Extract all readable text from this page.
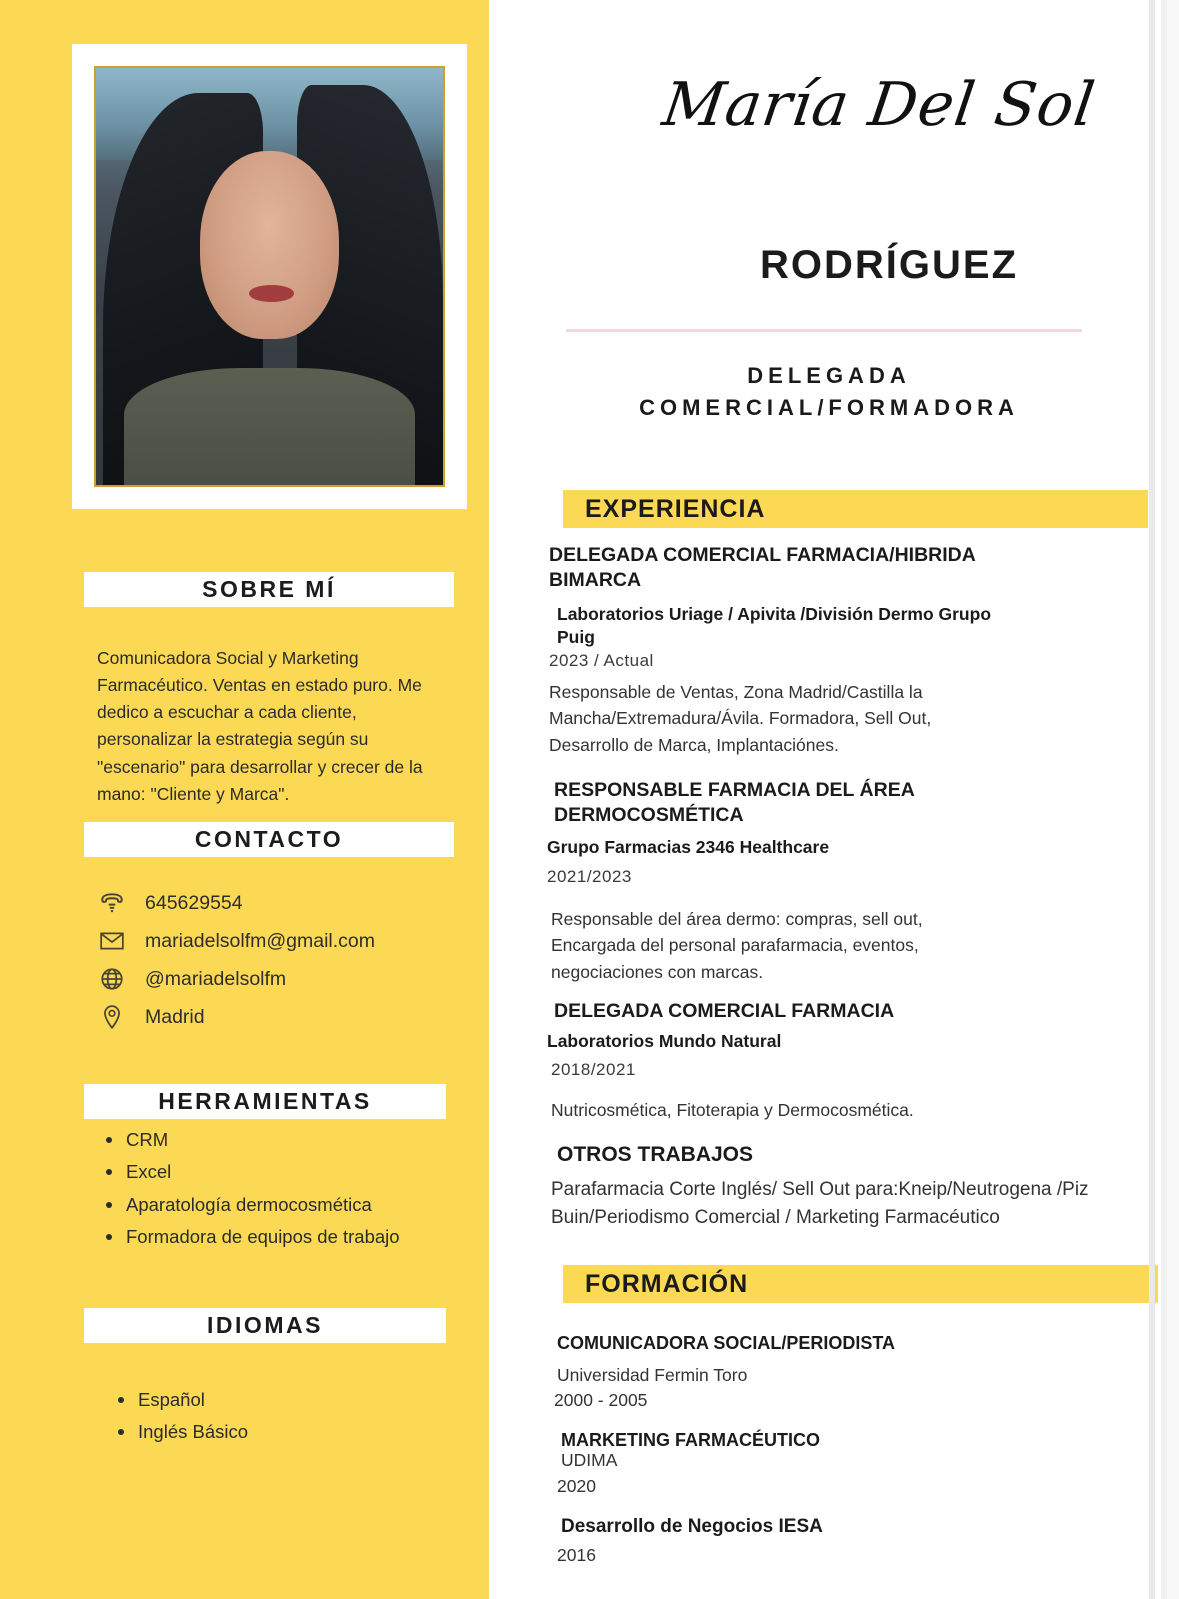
SOBRE MÍ
Comunicadora Social y Marketing Farmacéutico. Ventas en estado puro. Me dedico a escuchar a cada cliente, personalizar la estrategia según su "escenario" para desarrollar y crecer de la mano: "Cliente y Marca".
CONTACTO
645629554
mariadelsolfm@gmail.com
@mariadelsolfm
Madrid
HERRAMIENTAS
CRM
Excel
Aparatología dermocosmética
Formadora de equipos de trabajo
IDIOMAS
Español
Inglés Básico
María Del Sol
RODRÍGUEZ
DELEGADA
COMERCIAL/FORMADORA
EXPERIENCIA
DELEGADA COMERCIAL FARMACIA/HIBRIDA BIMARCA
Laboratorios Uriage / Apivita /División Dermo Grupo Puig
2023 / Actual
Responsable de Ventas, Zona Madrid/Castilla la Mancha/Extremadura/Ávila. Formadora, Sell Out, Desarrollo de Marca, Implantaciónes.
RESPONSABLE FARMACIA DEL ÁREA DERMOCOSMÉTICA
Grupo Farmacias 2346 Healthcare
2021/2023
Responsable del área dermo: compras, sell out, Encargada del personal parafarmacia, eventos, negociaciones con marcas.
DELEGADA COMERCIAL FARMACIA
Laboratorios Mundo Natural
2018/2021
Nutricosmética, Fitoterapia y Dermocosmética.
OTROS TRABAJOS
Parafarmacia Corte Inglés/ Sell Out para:Kneip/Neutrogena /Piz Buin/Periodismo Comercial / Marketing Farmacéutico
FORMACIÓN
COMUNICADORA SOCIAL/PERIODISTA
Universidad Fermin Toro
2000 - 2005
MARKETING FARMACÉUTICO
UDIMA
2020
Desarrollo de Negocios IESA
2016
